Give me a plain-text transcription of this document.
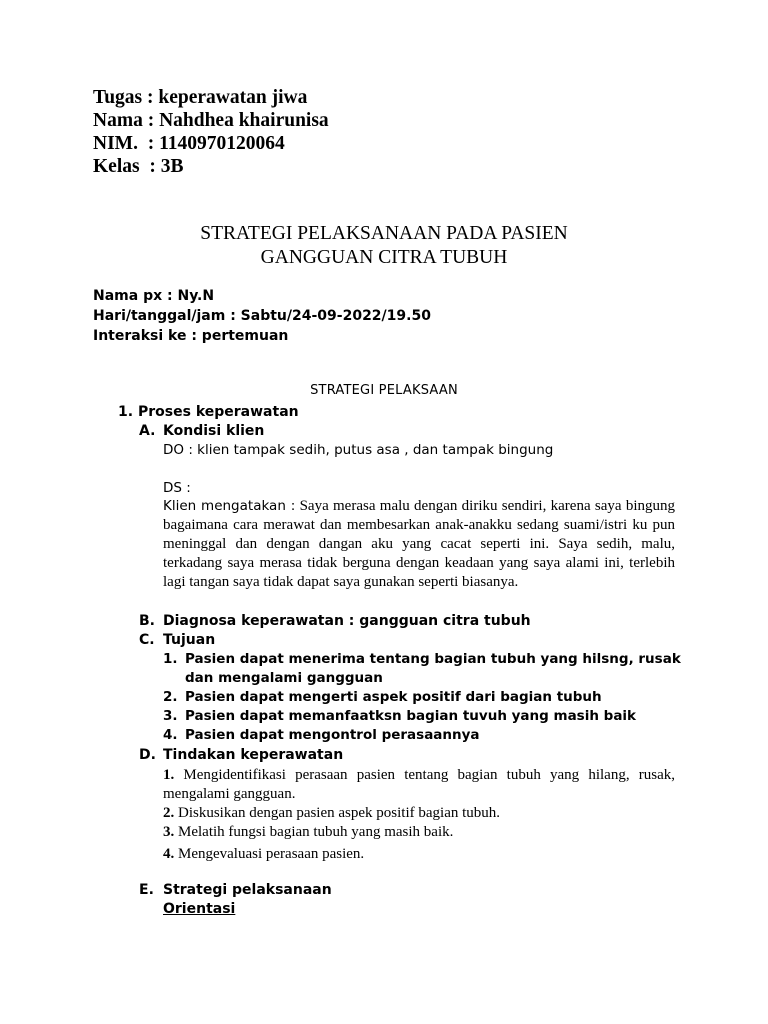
Tugas : keperawatan jiwa
Nama : Nahdhea khairunisa
NIM.  : 1140970120064
Kelas  : 3B
STRATEGI PELAKSANAAN PADA PASIEN
GANGGUAN CITRA TUBUH
Nama px : Ny.N
Hari/tanggal/jam : Sabtu/24-09-2022/19.50
Interaksi ke : pertemuan
STRATEGI PELAKSAAN
1. Proses keperawatan
A. Kondisi klien
DO : klien tampak sedih, putus asa , dan tampak bingung
DS :
Klien mengatakan : Saya merasa malu dengan diriku sendiri, karena saya bingung bagaimana cara merawat dan membesarkan anak-anakku sedang suami/istri ku pun meninggal dan dengan dangan aku yang cacat seperti ini. Saya sedih, malu, terkadang saya merasa tidak berguna dengan keadaan yang saya alami ini, terlebih lagi tangan saya tidak dapat saya gunakan seperti biasanya.
B. Diagnosa keperawatan : gangguan citra tubuh
C. Tujuan
1. Pasien dapat menerima tentang bagian tubuh yang hilsng, rusak
dan mengalami gangguan
2. Pasien dapat mengerti aspek positif dari bagian tubuh
3. Pasien dapat memanfaatksn bagian tuvuh yang masih baik
4. Pasien dapat mengontrol perasaannya
D. Tindakan keperawatan
1. Mengidentifikasi perasaan pasien tentang bagian tubuh yang hilang, rusak, mengalami gangguan.
2. Diskusikan dengan pasien aspek positif bagian tubuh.
3. Melatih fungsi bagian tubuh yang masih baik.
4. Mengevaluasi perasaan pasien.
E. Strategi pelaksanaan
Orientasi
